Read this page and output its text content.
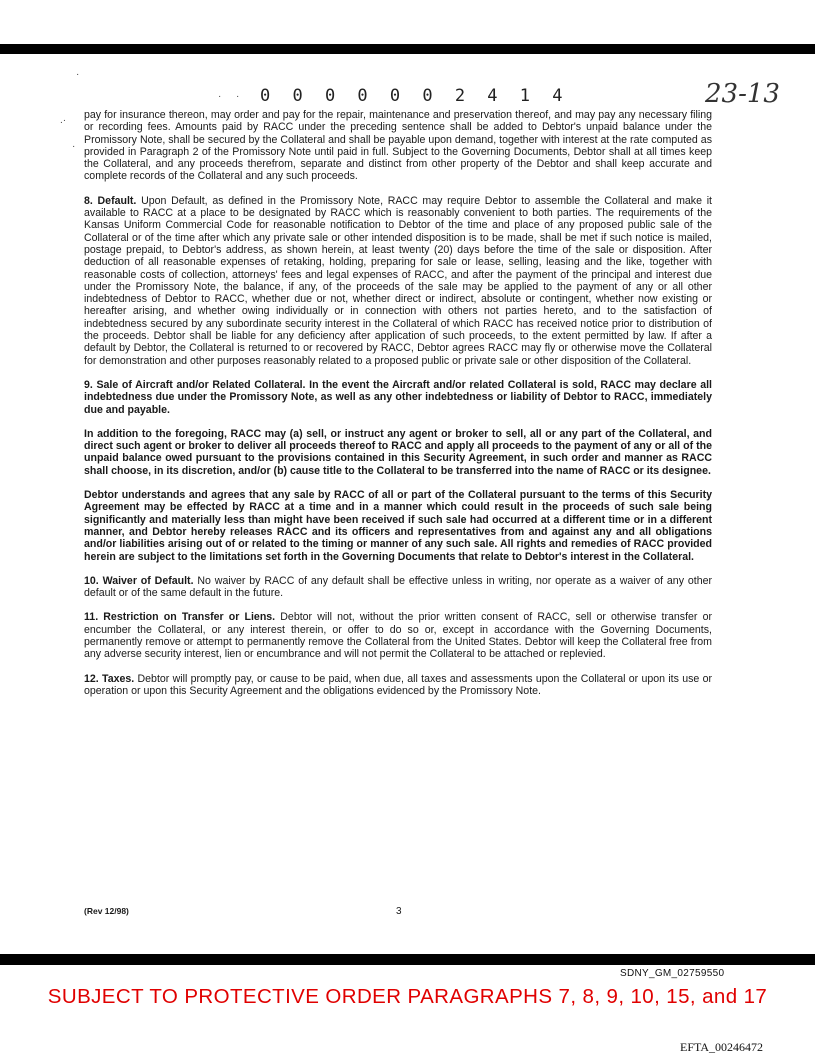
·
.·
·
· · 0 0 0 0 0 0 2 4 1 4	23-13

pay for insurance thereon, may order and pay for the repair, maintenance and preservation thereof, and may pay any necessary filing or recording fees. Amounts paid by RACC under the preceding sentence shall be added to Debtor's unpaid balance under the Promissory Note, shall be secured by the Collateral and shall be payable upon demand, together with interest at the rate computed as provided in Paragraph 2 of the Promissory Note until paid in full. Subject to the Governing Documents, Debtor shall at all times keep the Collateral, and any proceeds therefrom, separate and distinct from other property of the Debtor and shall keep accurate and complete records of the Collateral and any such proceeds.

8. Default. Upon Default, as defined in the Promissory Note, RACC may require Debtor to assemble the Collateral and make it available to RACC at a place to be designated by RACC which is reasonably convenient to both parties. The requirements of the Kansas Uniform Commercial Code for reasonable notification to Debtor of the time and place of any proposed public sale of the Collateral or of the time after which any private sale or other intended disposition is to be made, shall be met if such notice is mailed, postage prepaid, to Debtor's address, as shown herein, at least twenty (20) days before the time of the sale or disposition. After deduction of all reasonable expenses of retaking, holding, preparing for sale or lease, selling, leasing and the like, together with reasonable costs of collection, attorneys' fees and legal expenses of RACC, and after the payment of the principal and interest due under the Promissory Note, the balance, if any, of the proceeds of the sale may be applied to the payment of any or all other indebtedness of Debtor to RACC, whether due or not, whether direct or indirect, absolute or contingent, whether now existing or hereafter arising, and whether owing individually or in connection with others not parties hereto, and to the satisfaction of indebtedness secured by any subordinate security interest in the Collateral of which RACC has received notice prior to distribution of the proceeds. Debtor shall be liable for any deficiency after application of such proceeds, to the extent permitted by law. If after a default by Debtor, the Collateral is returned to or recovered by RACC, Debtor agrees RACC may fly or otherwise move the Collateral for demonstration and other purposes reasonably related to a proposed public or private sale or other disposition of the Collateral.

9. Sale of Aircraft and/or Related Collateral. In the event the Aircraft and/or related Collateral is sold, RACC may declare all indebtedness due under the Promissory Note, as well as any other indebtedness or liability of Debtor to RACC, immediately due and payable.

In addition to the foregoing, RACC may (a) sell, or instruct any agent or broker to sell, all or any part of the Collateral, and direct such agent or broker to deliver all proceeds thereof to RACC and apply all proceeds to the payment of any or all of the unpaid balance owed pursuant to the provisions contained in this Security Agreement, in such order and manner as RACC shall choose, in its discretion, and/or (b) cause title to the Collateral to be transferred into the name of RACC or its designee.

Debtor understands and agrees that any sale by RACC of all or part of the Collateral pursuant to the terms of this Security Agreement may be effected by RACC at a time and in a manner which could result in the proceeds of such sale being significantly and materially less than might have been received if such sale had occurred at a different time or in a different manner, and Debtor hereby releases RACC and its officers and representatives from and against any and all obligations and/or liabilities arising out of or related to the timing or manner of any such sale. All rights and remedies of RACC provided herein are subject to the limitations set forth in the Governing Documents that relate to Debtor's interest in the Collateral.

10. Waiver of Default. No waiver by RACC of any default shall be effective unless in writing, nor operate as a waiver of any other default or of the same default in the future.

11. Restriction on Transfer or Liens. Debtor will not, without the prior written consent of RACC, sell or otherwise transfer or encumber the Collateral, or any interest therein, or offer to do so or, except in accordance with the Governing Documents, permanently remove or attempt to permanently remove the Collateral from the United States. Debtor will keep the Collateral free from any adverse security interest, lien or encumbrance and will not permit the Collateral to be attached or replevied.

12. Taxes. Debtor will promptly pay, or cause to be paid, when due, all taxes and assessments upon the Collateral or upon its use or operation or upon this Security Agreement and the obligations evidenced by the Promissory Note.

(Rev 12/98)	3
SDNY_GM_02759550
SUBJECT TO PROTECTIVE ORDER PARAGRAPHS 7, 8, 9, 10, 15, and 17
EFTA_00246472
